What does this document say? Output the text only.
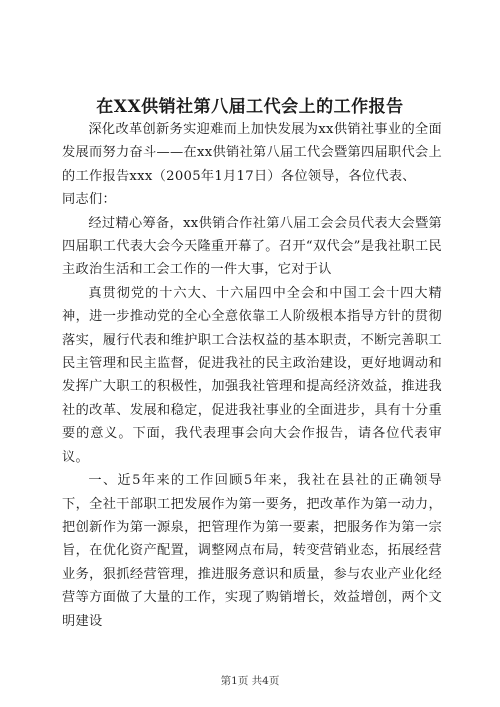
在XX供销社第八届工代会上的工作报告

深化改革创新务实迎难而上加快发展为xx供销社事业的全面发展而努力奋斗——在xx供销社第八届工代会暨第四届职代会上的工作报告xxx（2005年1月17日）各位领导，各位代表、

同志们：

经过精心筹备，xx供销合作社第八届工会会员代表大会暨第四届职工代表大会今天隆重开幕了。召开“双代会”是我社职工民主政治生活和工会工作的一件大事，它对于认

真贯彻党的十六大、十六届四中全会和中国工会十四大精神，进一步推动党的全心全意依靠工人阶级根本指导方针的贯彻落实，履行代表和维护职工合法权益的基本职责，不断完善职工民主管理和民主监督，促进我社的民主政治建设，更好地调动和发挥广大职工的积极性，加强我社管理和提高经济效益，推进我社的改革、发展和稳定，促进我社事业的全面进步，具有十分重要的意义。下面，我代表理事会向大会作报告，请各位代表审议。

一、近5年来的工作回顾5年来，我社在县社的正确领导下，全社干部职工把发展作为第一要务，把改革作为第一动力，把创新作为第一源泉，把管理作为第一要素，把服务作为第一宗旨，在优化资产配置，调整网点布局，转变营销业态，拓展经营业务，狠抓经营管理，推进服务意识和质量，参与农业产业化经营等方面做了大量的工作，实现了购销增长，效益增创，两个文明建设

第1页 共4页
